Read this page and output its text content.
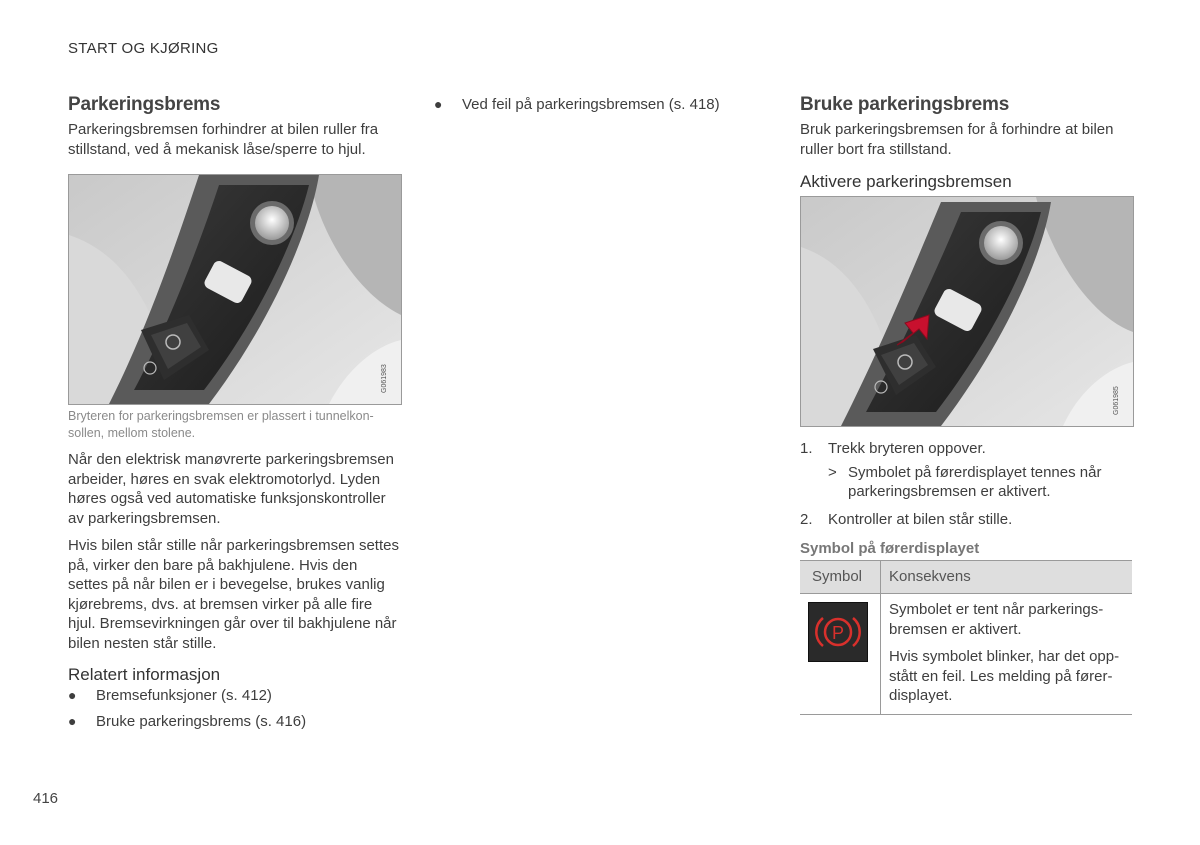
START OG KJØRING
Parkeringsbrems
Parkeringsbremsen forhindrer at bilen ruller fra stillstand, ved å mekanisk låse/sperre to hjul.
G061983
Bryteren for parkeringsbremsen er plassert i tunnelkonsollen, mellom stolene.
Når den elektrisk manøvrerte parkeringsbremsen arbeider, høres en svak elektromotorlyd. Lyden høres også ved automatiske funksjonskontroller av parkeringsbremsen.
Hvis bilen står stille når parkeringsbremsen settes på, virker den bare på bakhjulene. Hvis den settes på når bilen er i bevegelse, brukes vanlig kjørebrems, dvs. at bremsen virker på alle fire hjul. Bremsevirkningen går over til bakhjulene når bilen nesten står stille.
Relatert informasjon
●	Bremsefunksjoner (s. 412)
●	Bruke parkeringsbrems (s. 416)
●	Ved feil på parkeringsbremsen (s. 418)	Bruke parkeringsbrems
Bruk parkeringsbremsen for å forhindre at bilen ruller bort fra stillstand.
Aktivere parkeringsbremsen
G061985
1.	Trekk bryteren oppover.
> Symbolet på førerdisplayet tennes når parkeringsbremsen er aktivert.
2.	Kontroller at bilen står stille.
Symbol på førerdisplayet
Symbol	Konsekvens

P	Symbolet er tent når parkeringsbremsen er aktivert.
Hvis symbolet blinker, har det oppstått en feil. Les melding på førerdisplayet.
416
